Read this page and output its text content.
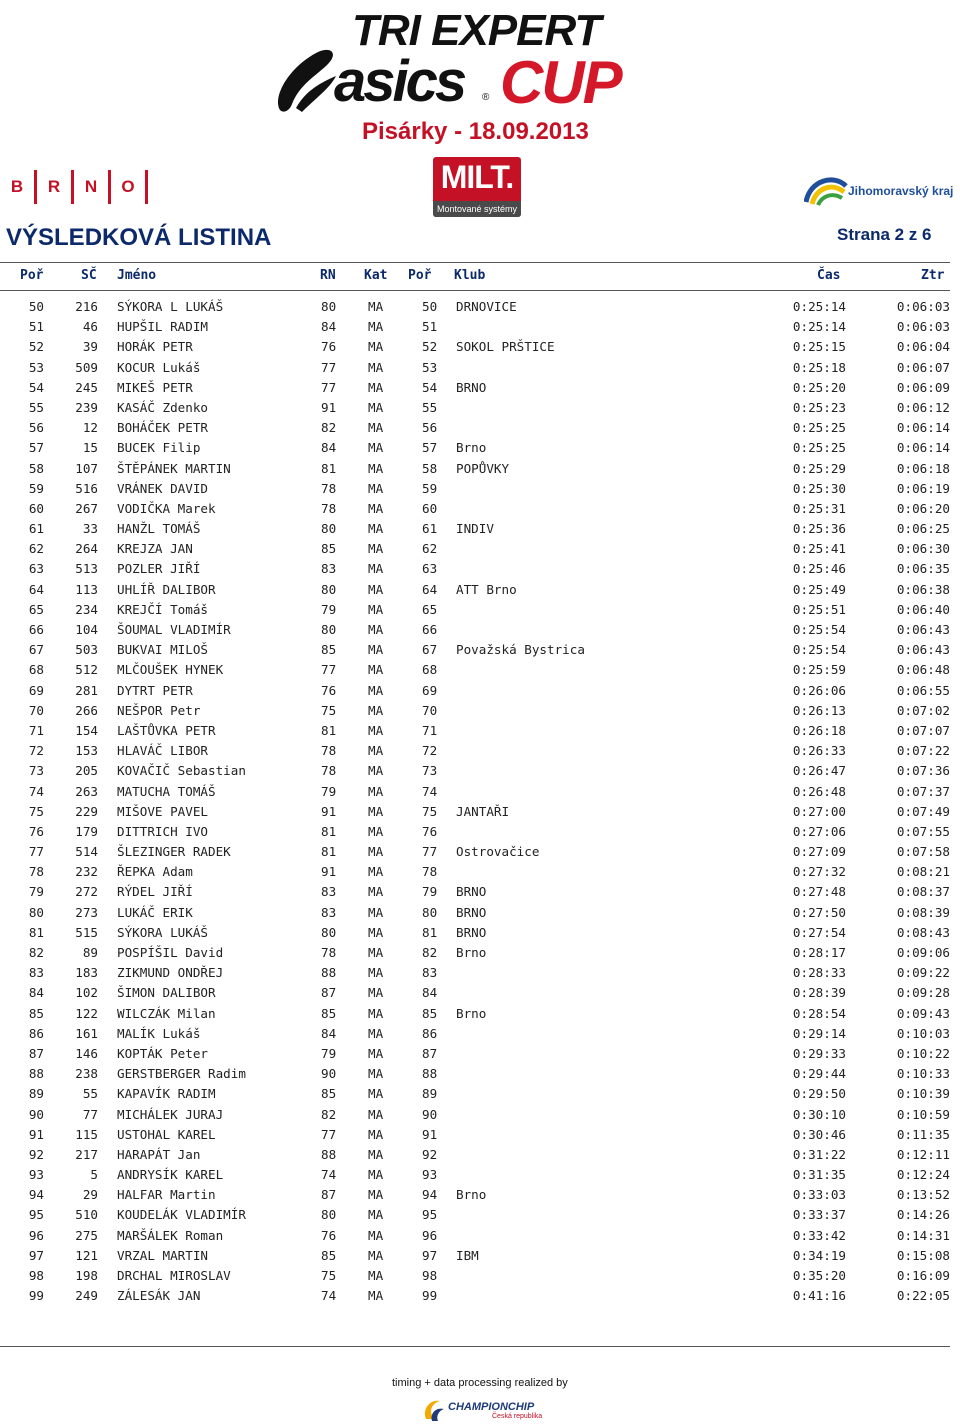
TRI EXPERT
asics ® CUP
Pisárky - 18.09.2013
B	R	N	O	MILT.
Montované systémy
Jihomoravský kraj
VÝSLEDKOVÁ LISTINA	Strana 2 z 6
Poř	SČ Jméno	RN Kat Poř Klub	Čas	Ztr
50	216 SÝKORA L LUKÁŠ	80	MA	50 DRNOVICE	0:25:14	0:06:03
51	46 HUPŠIL RADIM	84	MA	51	0:25:14	0:06:03
52	39 HORÁK PETR	76	MA	52 SOKOL PRŠTICE	0:25:15	0:06:04
53	509 KOCUR Lukáš	77	MA	53	0:25:18	0:06:07
54	245 MIKEŠ PETR	77	MA	54 BRNO	0:25:20	0:06:09
55	239 KASÁČ Zdenko	91	MA	55	0:25:23	0:06:12
56	12 BOHÁČEK PETR	82	MA	56	0:25:25	0:06:14
57	15 BUCEK Filip	84	MA	57 Brno	0:25:25	0:06:14
58	107 ŠTĚPÁNEK MARTIN	81	MA	58 POPŮVKY	0:25:29	0:06:18
59	516 VRÁNEK DAVID	78	MA	59	0:25:30	0:06:19
60	267 VODIČKA Marek	78	MA	60	0:25:31	0:06:20
61	33 HANŽL TOMÁŠ	80	MA	61 INDIV	0:25:36	0:06:25
62	264 KREJZA JAN	85	MA	62	0:25:41	0:06:30
63	513 POZLER JIŘÍ	83	MA	63	0:25:46	0:06:35
64	113 UHLÍŘ DALIBOR	80	MA	64 ATT Brno	0:25:49	0:06:38
65	234 KREJČÍ Tomáš	79	MA	65	0:25:51	0:06:40
66	104 ŠOUMAL VLADIMÍR	80	MA	66	0:25:54	0:06:43
67	503 BUKVAI MILOŠ	85	MA	67 Považská Bystrica	0:25:54	0:06:43
68	512 MLČOUŠEK HYNEK	77	MA	68	0:25:59	0:06:48
69	281 DYTRT PETR	76	MA	69	0:26:06	0:06:55
70	266 NEŠPOR Petr	75	MA	70	0:26:13	0:07:02
71	154 LAŠTŮVKA PETR	81	MA	71	0:26:18	0:07:07
72	153 HLAVÁČ LIBOR	78	MA	72	0:26:33	0:07:22
73	205 KOVAČIČ Sebastian	78	MA	73	0:26:47	0:07:36
74	263 MATUCHA TOMÁŠ	79	MA	74	0:26:48	0:07:37
75	229 MIŠOVE PAVEL	91	MA	75 JANTAŘI	0:27:00	0:07:49
76	179 DITTRICH IVO	81	MA	76	0:27:06	0:07:55
77	514 ŠLEZINGER RADEK	81	MA	77 Ostrovačice	0:27:09	0:07:58
78	232 ŘEPKA Adam	91	MA	78	0:27:32	0:08:21
79	272 RÝDEL JIŘÍ	83	MA	79 BRNO	0:27:48	0:08:37
80	273 LUKÁČ ERIK	83	MA	80 BRNO	0:27:50	0:08:39
81	515 SÝKORA LUKÁŠ	80	MA	81 BRNO	0:27:54	0:08:43
82	89 POSPÍŠIL David	78	MA	82 Brno	0:28:17	0:09:06
83	183 ZIKMUND ONDŘEJ	88	MA	83	0:28:33	0:09:22
84	102 ŠIMON DALIBOR	87	MA	84	0:28:39	0:09:28
85	122 WILCZÁK Milan	85	MA	85 Brno	0:28:54	0:09:43
86	161 MALÍK Lukáš	84	MA	86	0:29:14	0:10:03
87	146 KOPTÁK Peter	79	MA	87	0:29:33	0:10:22
88	238 GERSTBERGER Radim	90	MA	88	0:29:44	0:10:33
89	55 KAPAVÍK RADIM	85	MA	89	0:29:50	0:10:39
90	77 MICHÁLEK JURAJ	82	MA	90	0:30:10	0:10:59
91	115 USTOHAL KAREL	77	MA	91	0:30:46	0:11:35
92	217 HARAPÁT Jan	88	MA	92	0:31:22	0:12:11
93	5 ANDRYSÍK KAREL	74	MA	93	0:31:35	0:12:24
94	29 HALFAR Martin	87	MA	94 Brno	0:33:03	0:13:52
95	510 KOUDELÁK VLADIMÍR	80	MA	95	0:33:37	0:14:26
96	275 MARŠÁLEK Roman	76	MA	96	0:33:42	0:14:31
97	121 VRZAL MARTIN	85	MA	97 IBM	0:34:19	0:15:08
98	198 DRCHAL MIROSLAV	75	MA	98	0:35:20	0:16:09
99	249 ZÁLESÁK JAN	74	MA	99	0:41:16	0:22:05
timing + data processing realized by
CHAMPIONCHIP
Česká republika
